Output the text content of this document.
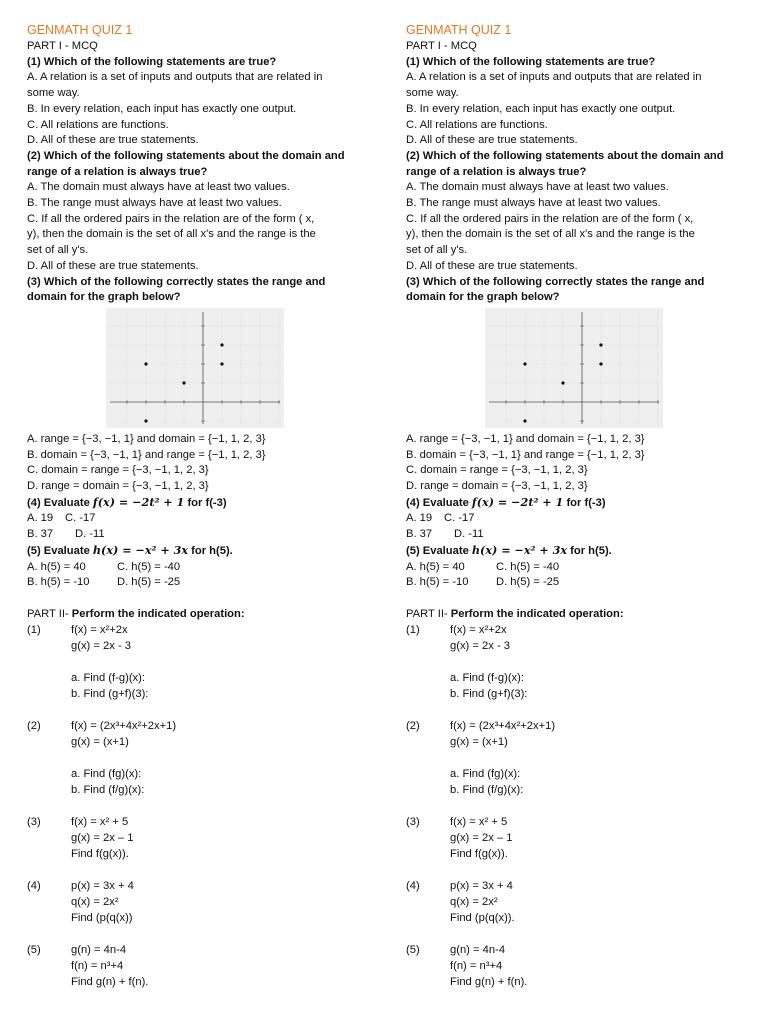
GENMATH QUIZ 1
PART I - MCQ
(1) Which of the following statements are true?
A. A relation is a set of inputs and outputs that are related in
some way.
B. In every relation, each input has exactly one output.
C. All relations are functions.
D. All of these are true statements.
(2) Which of the following statements about the domain and
range of a relation is always true?
A. The domain must always have at least two values.
B. The range must always have at least two values.
C. If all the ordered pairs in the relation are of the form ( x,
y), then the domain is the set of all x's and the range is the
set of all y's.
D. All of these are true statements.
(3) Which of the following correctly states the range and
domain for the graph below?
A. range = {−3, −1, 1} and domain = {−1, 1, 2, 3}
B. domain = {−3, −1, 1} and range = {−1, 1, 2, 3}
C. domain = range = {−3, −1, 1, 2, 3}
D. range = domain = {−3, −1, 1, 2, 3}
(4) Evaluate f(x) = −2t² + 1 for f(-3)
A. 19 C. -17
B. 37 D. -11
(5) Evaluate h(x) = −x² + 3x for h(5).
A. h(5) = 40	C. h(5) = -40
B. h(5) = -10 D. h(5) = -25
PART II- Perform the indicated operation:
(1)	f(x) = x²+2x
g(x) = 2x - 3
a. Find (f-g)(x):
b. Find (g+f)(3):
(2)	f(x) = (2x³+4x²+2x+1)
g(x) = (x+1)
a. Find (fg)(x):
b. Find (f/g)(x):
(3)	f(x) = x² + 5
g(x) = 2x – 1
Find f(g(x)).
(4)	p(x) = 3x + 4
q(x) = 2x²
Find (p(q(x))
(5)	g(n) = 4n-4
f(n) = n³+4
Find g(n) + f(n).
GENMATH QUIZ 1
PART I - MCQ
(1) Which of the following statements are true?
A. A relation is a set of inputs and outputs that are related in
some way.
B. In every relation, each input has exactly one output.
C. All relations are functions.
D. All of these are true statements.
(2) Which of the following statements about the domain and
range of a relation is always true?
A. The domain must always have at least two values.
B. The range must always have at least two values.
C. If all the ordered pairs in the relation are of the form ( x,
y), then the domain is the set of all x's and the range is the
set of all y's.
D. All of these are true statements.
(3) Which of the following correctly states the range and
domain for the graph below?
A. range = {−3, −1, 1} and domain = {−1, 1, 2, 3}
B. domain = {−3, −1, 1} and range = {−1, 1, 2, 3}
C. domain = range = {−3, −1, 1, 2, 3}
D. range = domain = {−3, −1, 1, 2, 3}
(4) Evaluate f(x) = −2t² + 1 for f(-3)
A. 19 C. -17
B. 37 D. -11
(5) Evaluate h(x) = −x² + 3x for h(5).
A. h(5) = 40	C. h(5) = -40
B. h(5) = -10 D. h(5) = -25
PART II- Perform the indicated operation:
(1)	f(x) = x²+2x
g(x) = 2x - 3
a. Find (f-g)(x):
b. Find (g+f)(3):
(2)	f(x) = (2x³+4x²+2x+1)
g(x) = (x+1)
a. Find (fg)(x):
b. Find (f/g)(x):
(3)	f(x) = x² + 5
g(x) = 2x – 1
Find f(g(x)).
(4)	p(x) = 3x + 4
q(x) = 2x²
Find (p(q(x)).
(5)	g(n) = 4n-4
f(n) = n³+4
Find g(n) + f(n).
